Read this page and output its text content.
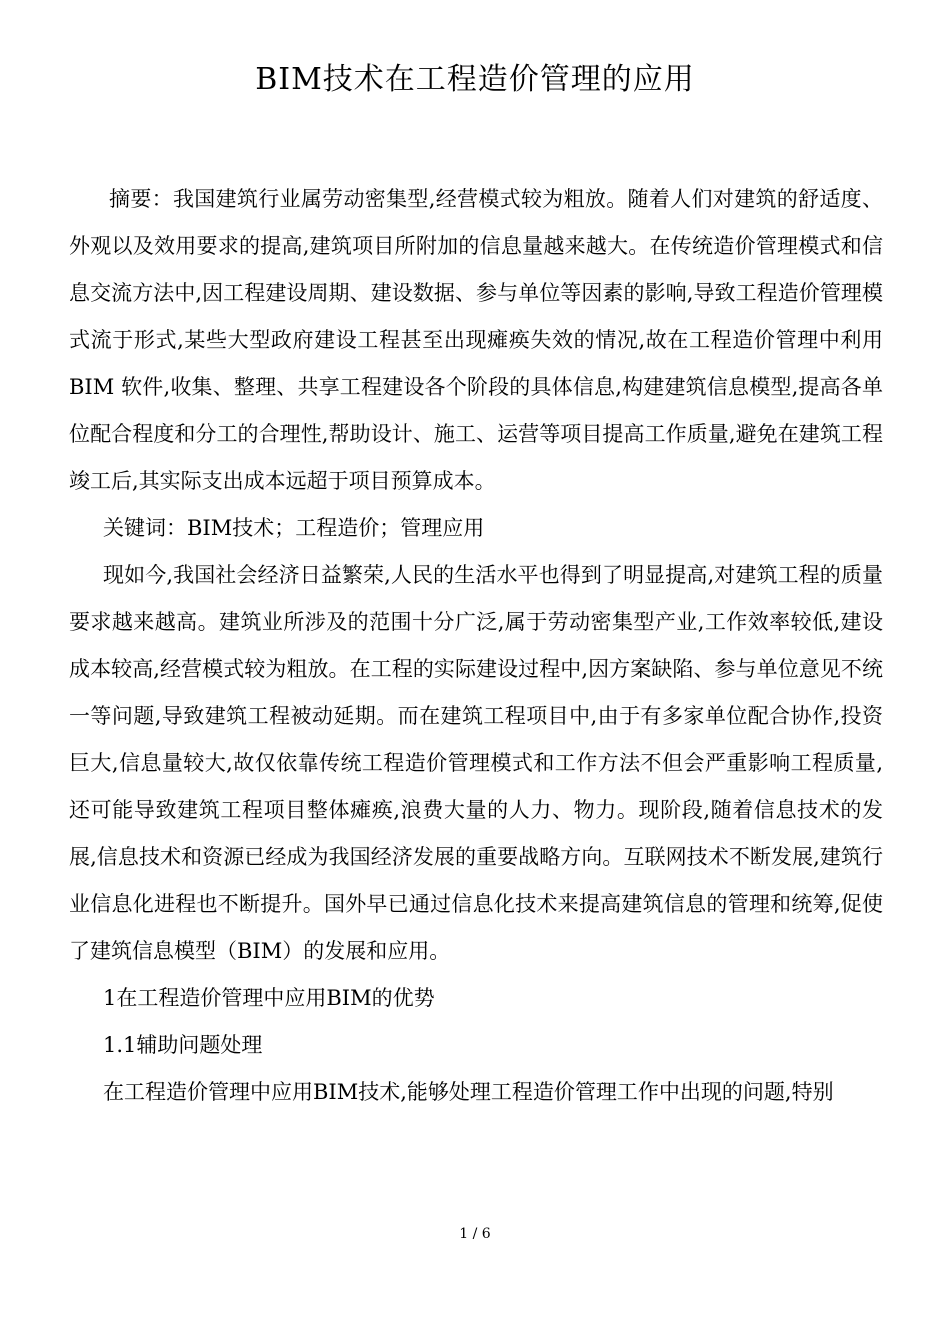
BIM技术在工程造价管理的应用

摘要：我国建筑行业属劳动密集型,经营模式较为粗放。随着人们对建筑的舒适度、外观以及效用要求的提高,建筑项目所附加的信息量越来越大。在传统造价管理模式和信息交流方法中,因工程建设周期、建设数据、参与单位等因素的影响,导致工程造价管理模式流于形式,某些大型政府建设工程甚至出现瘫痪失效的情况,故在工程造价管理中利用 BIM 软件,收集、整理、共享工程建设各个阶段的具体信息,构建建筑信息模型,提高各单位配合程度和分工的合理性,帮助设计、施工、运营等项目提高工作质量,避免在建筑工程竣工后,其实际支出成本远超于项目预算成本。

关键词：BIM技术；工程造价；管理应用

现如今,我国社会经济日益繁荣,人民的生活水平也得到了明显提高,对建筑工程的质量要求越来越高。建筑业所涉及的范围十分广泛,属于劳动密集型产业,工作效率较低,建设成本较高,经营模式较为粗放。在工程的实际建设过程中,因方案缺陷、参与单位意见不统一等问题,导致建筑工程被动延期。而在建筑工程项目中,由于有多家单位配合协作,投资巨大,信息量较大,故仅依靠传统工程造价管理模式和工作方法不但会严重影响工程质量,还可能导致建筑工程项目整体瘫痪,浪费大量的人力、物力。现阶段,随着信息技术的发展,信息技术和资源已经成为我国经济发展的重要战略方向。互联网技术不断发展,建筑行业信息化进程也不断提升。国外早已通过信息化技术来提高建筑信息的管理和统筹,促使了建筑信息模型（BIM）的发展和应用。

1在工程造价管理中应用BIM的优势

1.1辅助问题处理

在工程造价管理中应用BIM技术,能够处理工程造价管理工作中出现的问题,特别

1 / 6
